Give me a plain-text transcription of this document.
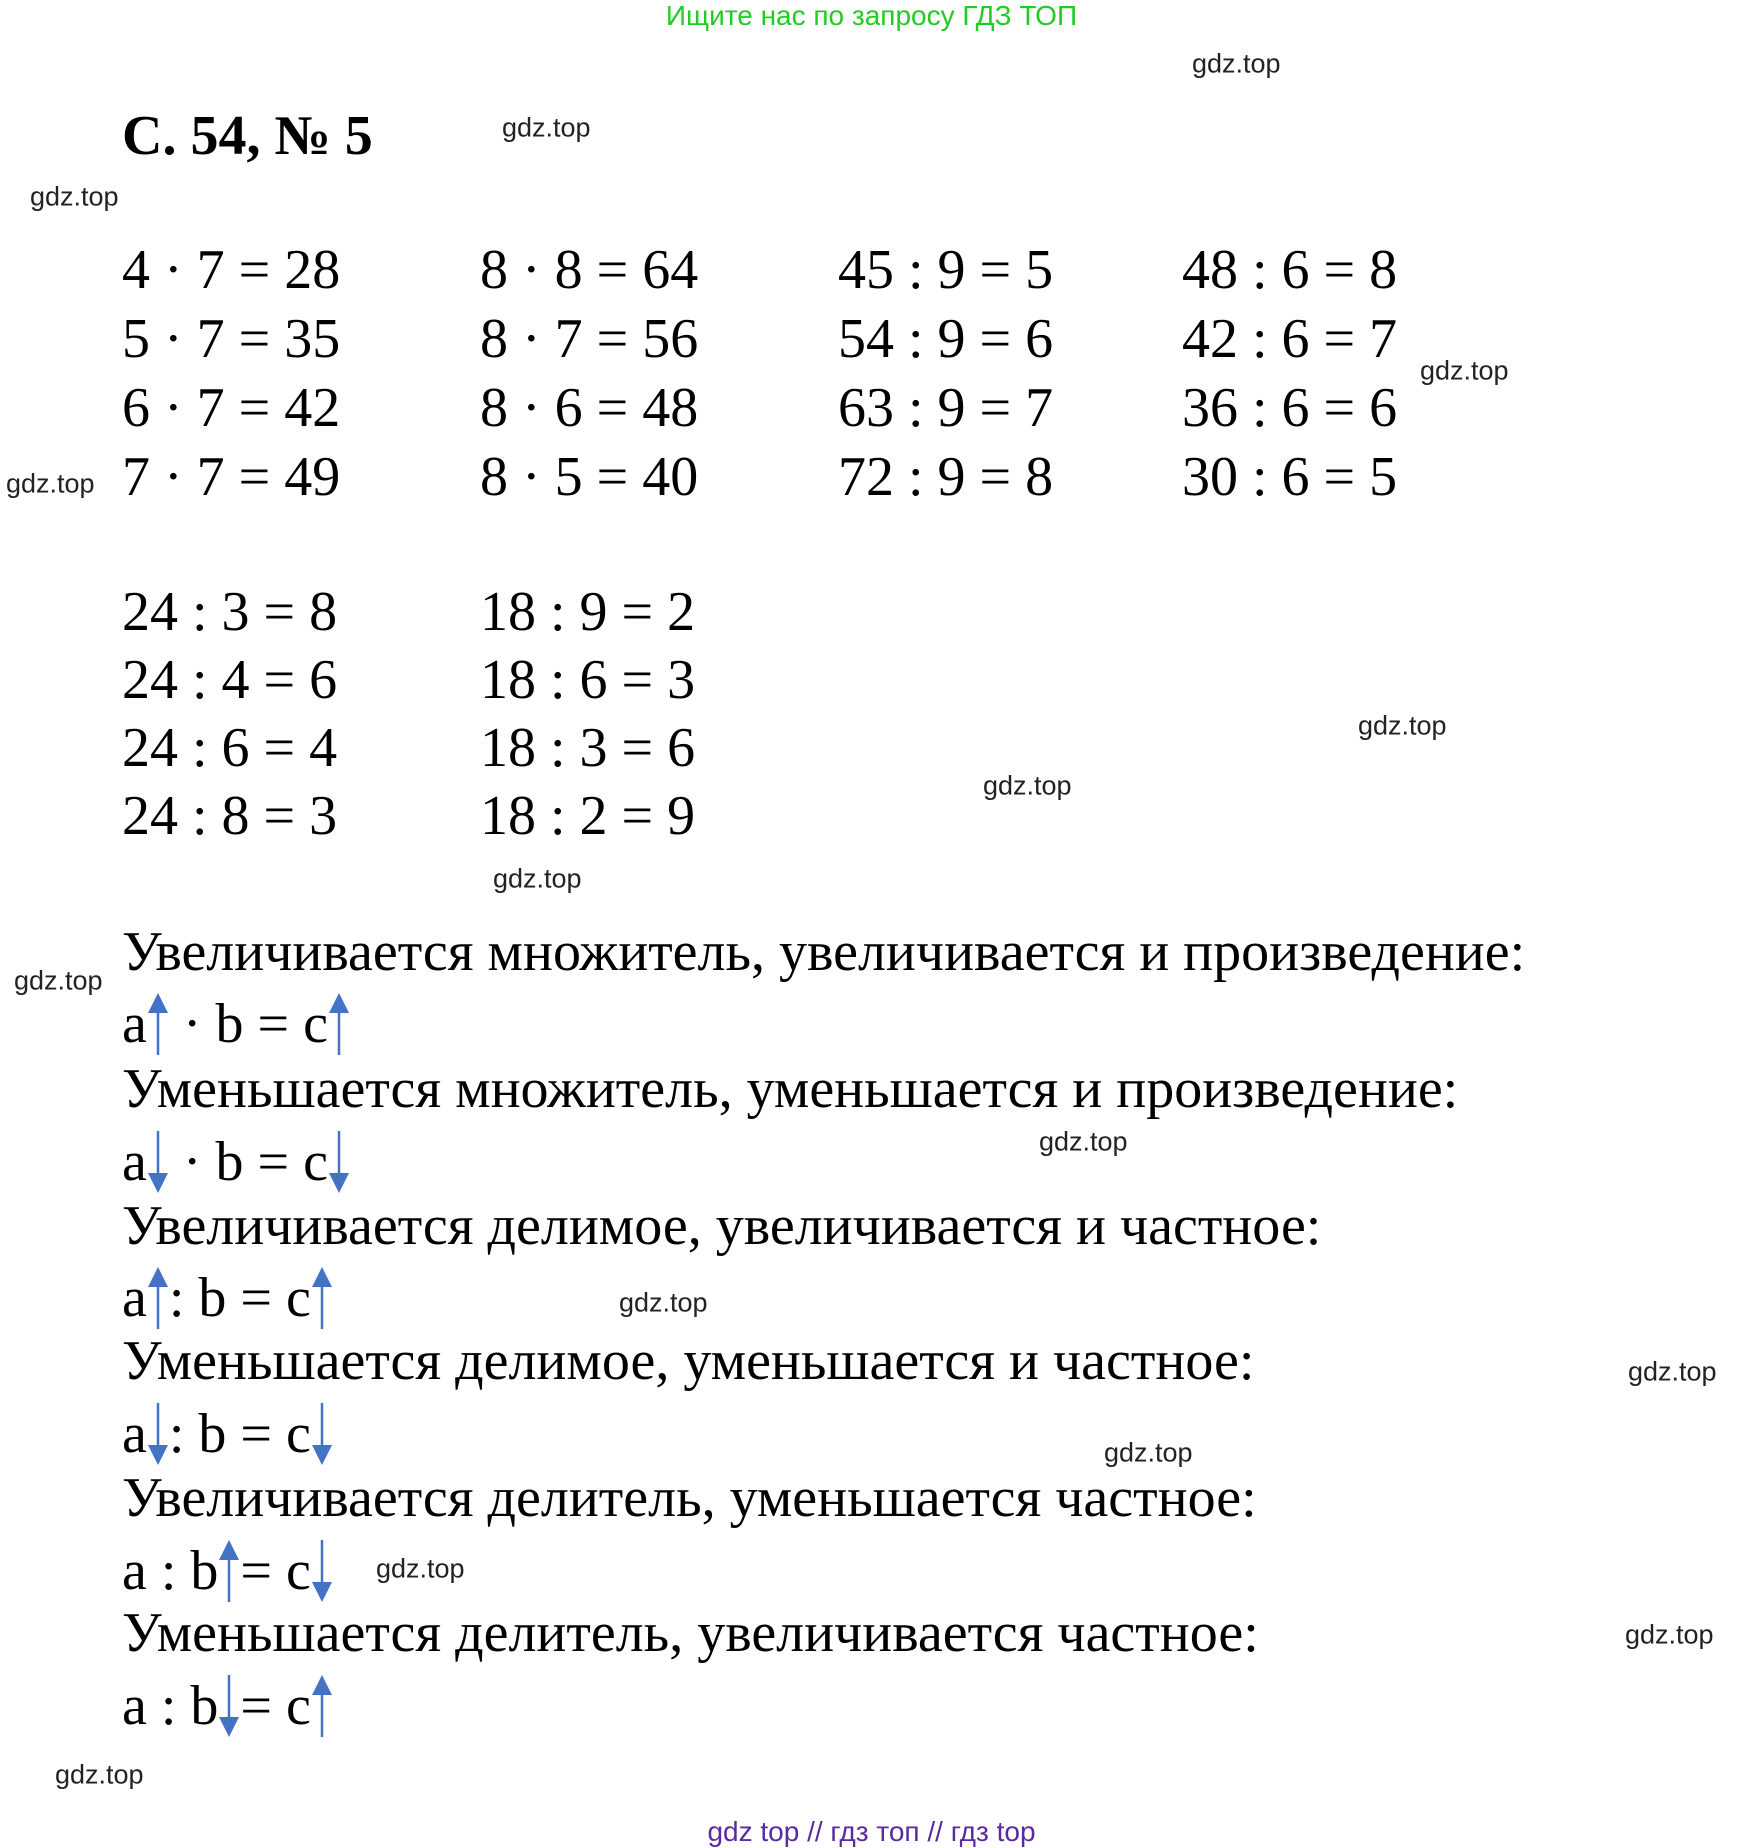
Ищите нас по запросу ГДЗ ТОП
С. 54, № 5
gdz top // гдз топ // гдз top
gdz.top
gdz.top
gdz.top
gdz.top
gdz.top
gdz.top
gdz.top
gdz.top
gdz.top
gdz.top
gdz.top
gdz.top
gdz.top
gdz.top
gdz.top
gdz.top
4 · 7 = 28 8 · 8 = 64 45 : 9 = 5 48 : 6 = 8
5 · 7 = 35 8 · 7 = 56 54 : 9 = 6 42 : 6 = 7
6 · 7 = 42 8 · 6 = 48 63 : 9 = 7 36 : 6 = 6
7 · 7 = 49 8 · 5 = 40 72 : 9 = 8 30 : 6 = 5
24 : 3 = 8	18 : 9 = 2
24 : 4 = 6	18 : 6 = 3
24 : 6 = 4	18 : 3 = 6
24 : 8 = 3	18 : 2 = 9
Увеличивается множитель, увеличивается и произведение:
a · b = c
Уменьшается множитель, уменьшается и произведение:
a · b = c
Увеличивается делимое, увеличивается и частное:
a : b = c
Уменьшается делимое, уменьшается и частное:
a : b = c
Увеличивается делитель, уменьшается частное:
a : b = c
Уменьшается делитель, увеличивается частное:
a : b = c
